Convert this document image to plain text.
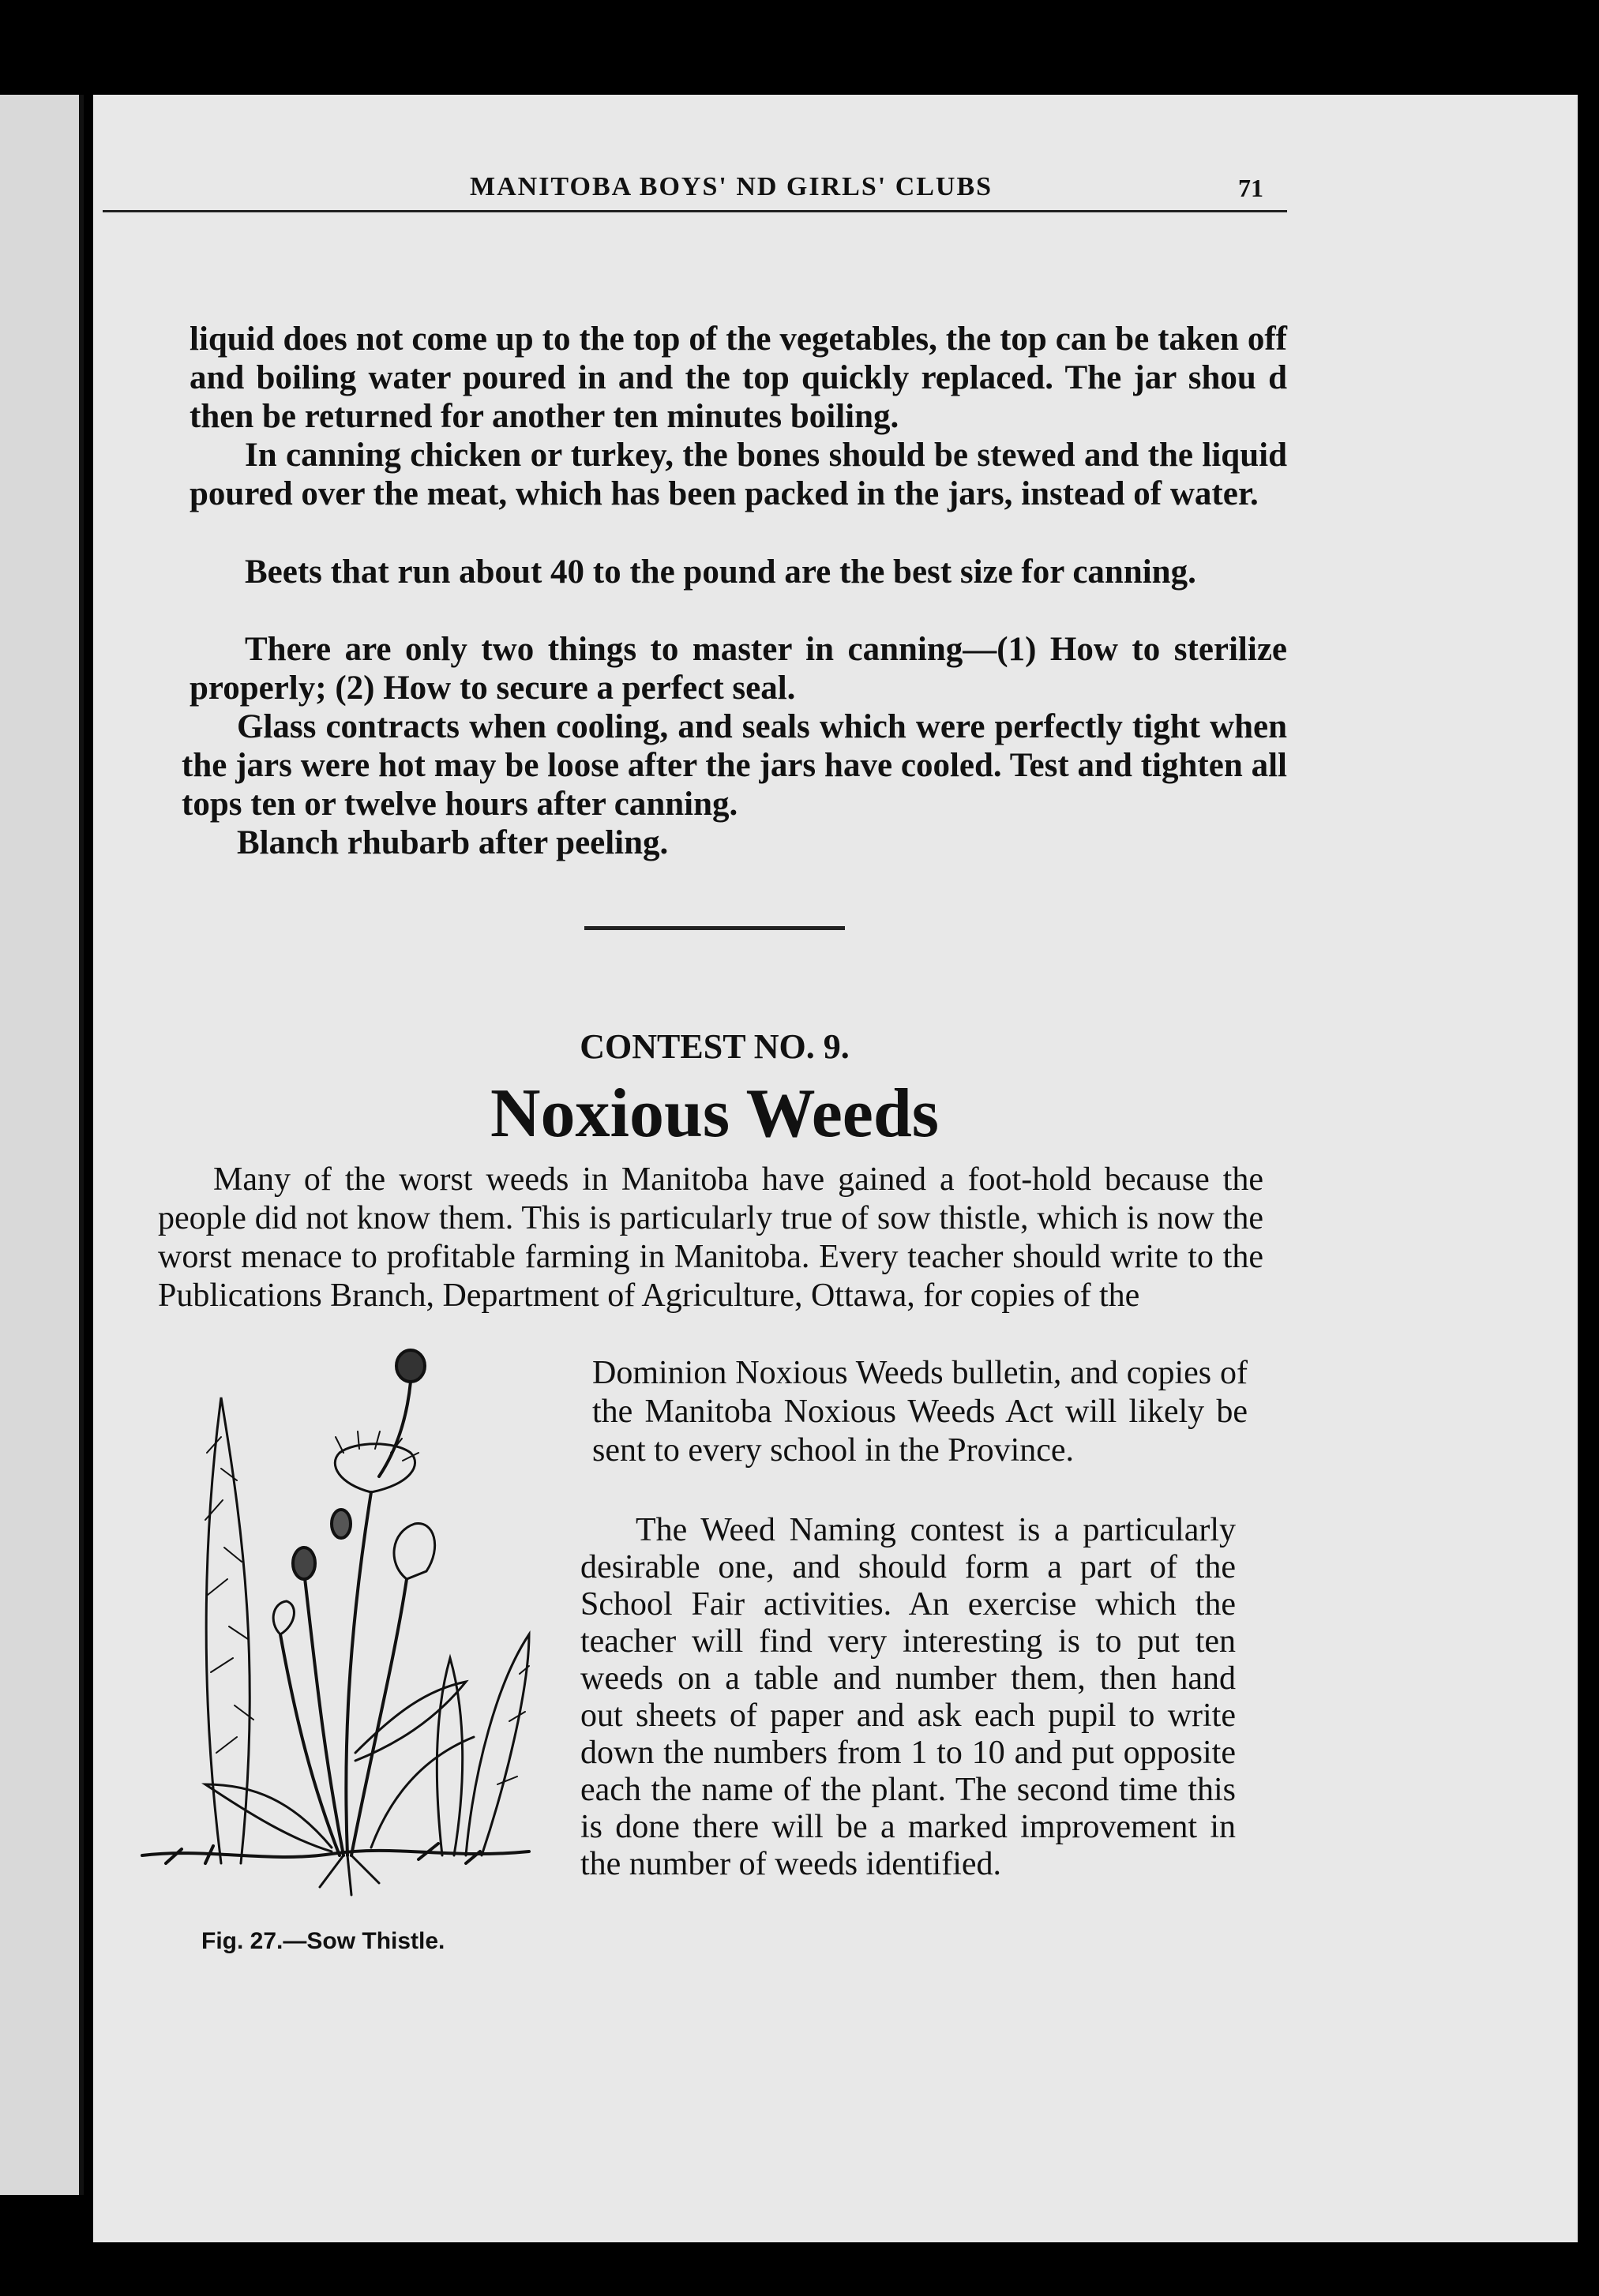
MANITOBA BOYS' ND GIRLS' CLUBS	71

liquid does not come up to the top of the vegetables, the top can be taken off and boiling water poured in and the top quickly replaced. The jar shou d then be returned for another ten minutes boiling.

In canning chicken or turkey, the bones should be stewed and the liquid poured over the meat, which has been packed in the jars, instead of water.

Beets that run about 40 to the pound are the best size for canning.

There are only two things to master in canning—(1) How to sterilize properly; (2) How to secure a perfect seal.

Glass contracts when cooling, and seals which were perfectly tight when the jars were hot may be loose after the jars have cooled. Test and tighten all tops ten or twelve hours after canning.

Blanch rhubarb after peeling.

CONTEST NO. 9.
Noxious Weeds

Many of the worst weeds in Manitoba have gained a foot-hold because the people did not know them. This is particularly true of sow thistle, which is now the worst menace to profitable farming in Manitoba. Every teacher should write to the Publications Branch, Department of Agriculture, Ottawa, for copies of the

Dominion Noxious Weeds bulletin, and copies of the Manitoba Noxious Weeds Act will likely be sent to every school in the Province.

The Weed Naming contest is a particularly desirable one, and should form a part of the School Fair activities. An exercise which the teacher will find very interesting is to put ten weeds on a table and number them, then hand out sheets of paper and ask each pupil to write down the numbers from 1 to 10 and put opposite each the name of the plant. The second time this is done there will be a marked improvement in the number of weeds identified.

Fig. 27.—Sow Thistle.
